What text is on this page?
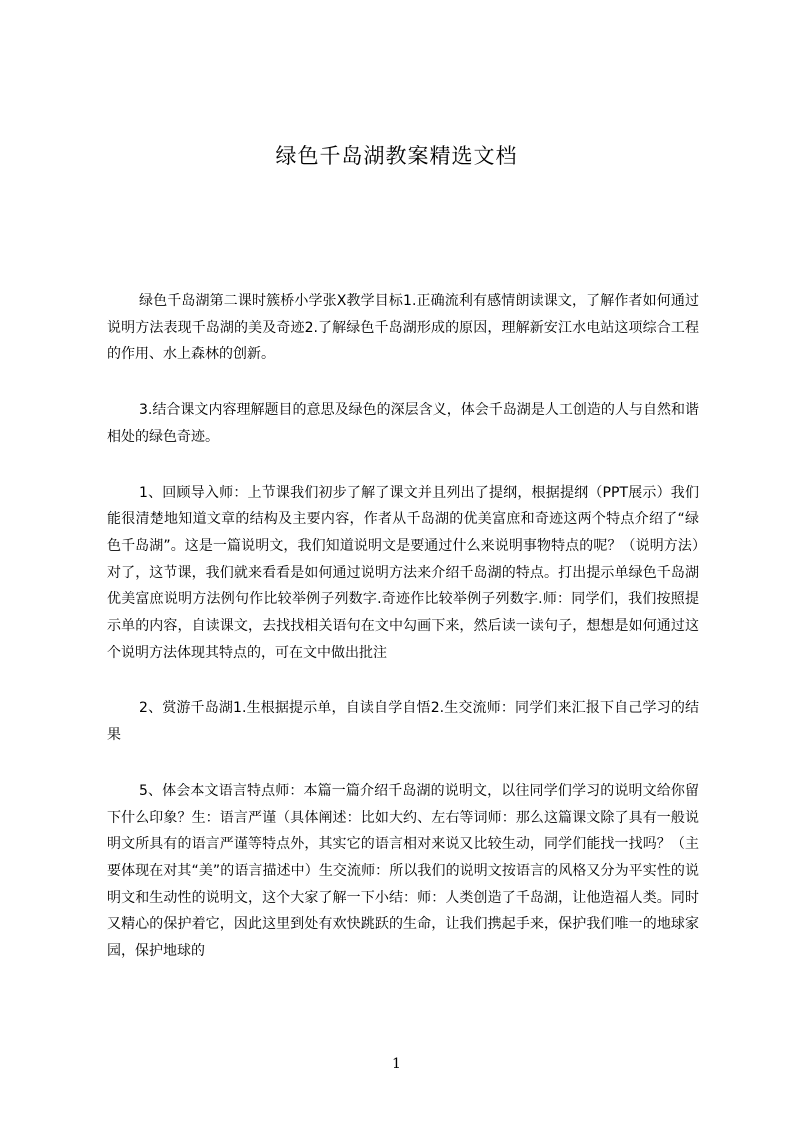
绿色千岛湖教案精选文档

绿色千岛湖第二课时簇桥小学张X教学目标1.正确流利有感情朗读课文，了解作者如何通过说明方法表现千岛湖的美及奇迹2.了解绿色千岛湖形成的原因，理解新安江水电站这项综合工程的作用、水上森林的创新。

3.结合课文内容理解题目的意思及绿色的深层含义，体会千岛湖是人工创造的人与自然和谐相处的绿色奇迹。

1、回顾导入师：上节课我们初步了解了课文并且列出了提纲，根据提纲（PPT展示）我们能很清楚地知道文章的结构及主要内容，作者从千岛湖的优美富庶和奇迹这两个特点介绍了“绿色千岛湖”。这是一篇说明文，我们知道说明文是要通过什么来说明事物特点的呢？（说明方法）对了，这节课，我们就来看看是如何通过说明方法来介绍千岛湖的特点。打出提示单绿色千岛湖优美富庶说明方法例句作比较举例子列数字.奇迹作比较举例子列数字.师：同学们，我们按照提示单的内容，自读课文，去找找相关语句在文中勾画下来，然后读一读句子，想想是如何通过这个说明方法体现其特点的，可在文中做出批注

2、赏游千岛湖1.生根据提示单，自读自学自悟2.生交流师：同学们来汇报下自己学习的结果

5、体会本文语言特点师：本篇一篇介绍千岛湖的说明文，以往同学们学习的说明文给你留下什么印象？生：语言严谨（具体阐述：比如大约、左右等词师：那么这篇课文除了具有一般说明文所具有的语言严谨等特点外，其实它的语言相对来说又比较生动，同学们能找一找吗？（主要体现在对其“美”的语言描述中）生交流师：所以我们的说明文按语言的风格又分为平实性的说明文和生动性的说明文，这个大家了解一下小结：师：人类创造了千岛湖，让他造福人类。同时又精心的保护着它，因此这里到处有欢快跳跃的生命，让我们携起手来，保护我们唯一的地球家园，保护地球的

1
